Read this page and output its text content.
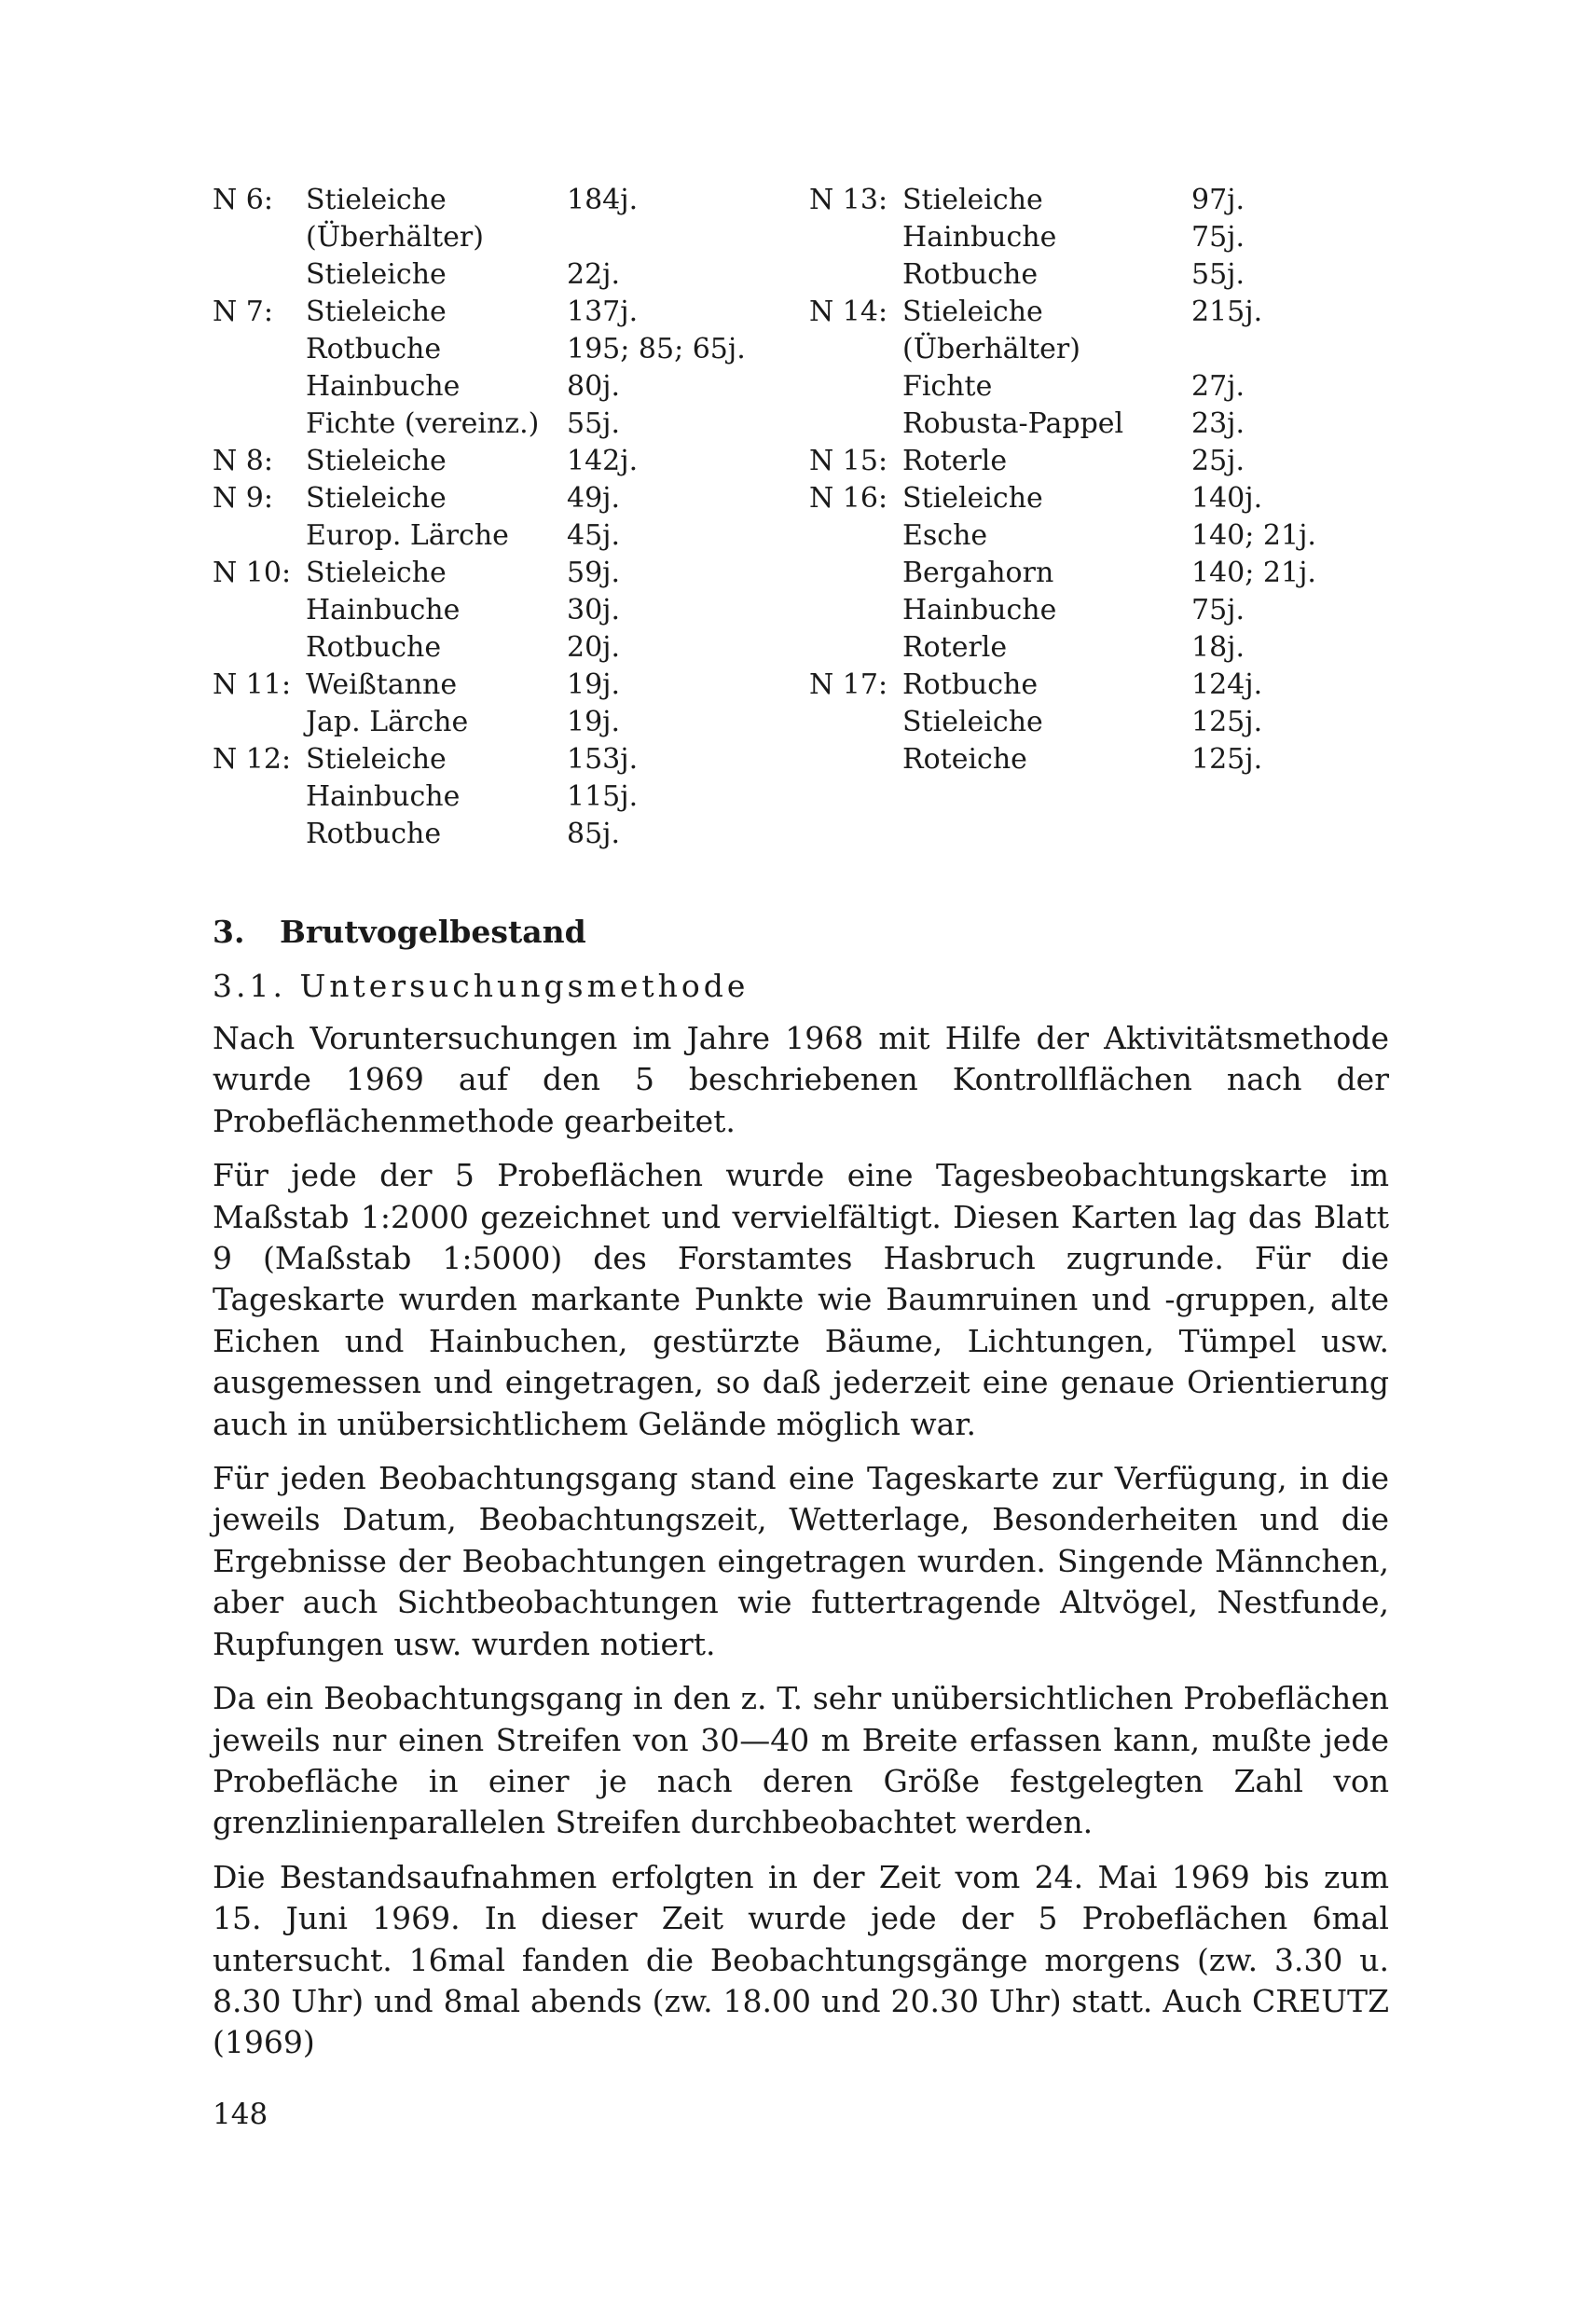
N 6: Stieleiche	184j.
(Überhälter)
Stieleiche	22j.
N 7: Stieleiche	137j.
Rotbuche	195; 85; 65j.
Hainbuche	80j.
Fichte (vereinz.) 55j.
N 8: Stieleiche	142j.
N 9: Stieleiche	49j.
Europ. Lärche 45j.
N 10: Stieleiche	59j.
Hainbuche	30j.
Rotbuche	20j.
N 11: Weißtanne	19j.
Jap. Lärche	19j.
N 12: Stieleiche	153j.
Hainbuche	115j.
Rotbuche	85j.
N 13: Stieleiche	97j.
Hainbuche	75j.
Rotbuche	55j.
N 14: Stieleiche	215j.
(Überhälter)
Fichte	27j.
Robusta-Pappel 23j.
N 15: Roterle	25j.
N 16: Stieleiche	140j.
Esche	140; 21j.
Bergahorn	140; 21j.
Hainbuche	75j.
Roterle	18j.
N 17: Rotbuche	124j.
Stieleiche	125j.
Roteiche	125j.
3. Brutvogelbestand
3.1. Untersuchungsmethode

Nach Voruntersuchungen im Jahre 1968 mit Hilfe der Aktivitätsmethode wurde 1969 auf den 5 beschriebenen Kontrollflächen nach der Probeflächenmethode gearbeitet.

Für jede der 5 Probeflächen wurde eine Tagesbeobachtungskarte im Maßstab 1:2000 gezeichnet und vervielfältigt. Diesen Karten lag das Blatt 9 (Maßstab 1:5000) des Forstamtes Hasbruch zugrunde. Für die Tageskarte wurden markante Punkte wie Baumruinen und -gruppen, alte Eichen und Hainbuchen, gestürzte Bäume, Lichtungen, Tümpel usw. ausgemessen und eingetragen, so daß jederzeit eine genaue Orientierung auch in unübersichtlichem Gelände möglich war.

Für jeden Beobachtungsgang stand eine Tageskarte zur Verfügung, in die jeweils Datum, Beobachtungszeit, Wetterlage, Besonderheiten und die Ergebnisse der Beobachtungen eingetragen wurden. Singende Männchen, aber auch Sichtbeobachtungen wie futtertragende Altvögel, Nestfunde, Rupfungen usw. wurden notiert.

Da ein Beobachtungsgang in den z. T. sehr unübersichtlichen Probeflächen jeweils nur einen Streifen von 30—40 m Breite erfassen kann, mußte jede Probefläche in einer je nach deren Größe festgelegten Zahl von grenzlinienparallelen Streifen durchbeobachtet werden.

Die Bestandsaufnahmen erfolgten in der Zeit vom 24. Mai 1969 bis zum 15. Juni 1969. In dieser Zeit wurde jede der 5 Probeflächen 6mal untersucht. 16mal fanden die Beobachtungsgänge morgens (zw. 3.30 u. 8.30 Uhr) und 8mal abends (zw. 18.00 und 20.30 Uhr) statt. Auch CREUTZ (1969)

148
